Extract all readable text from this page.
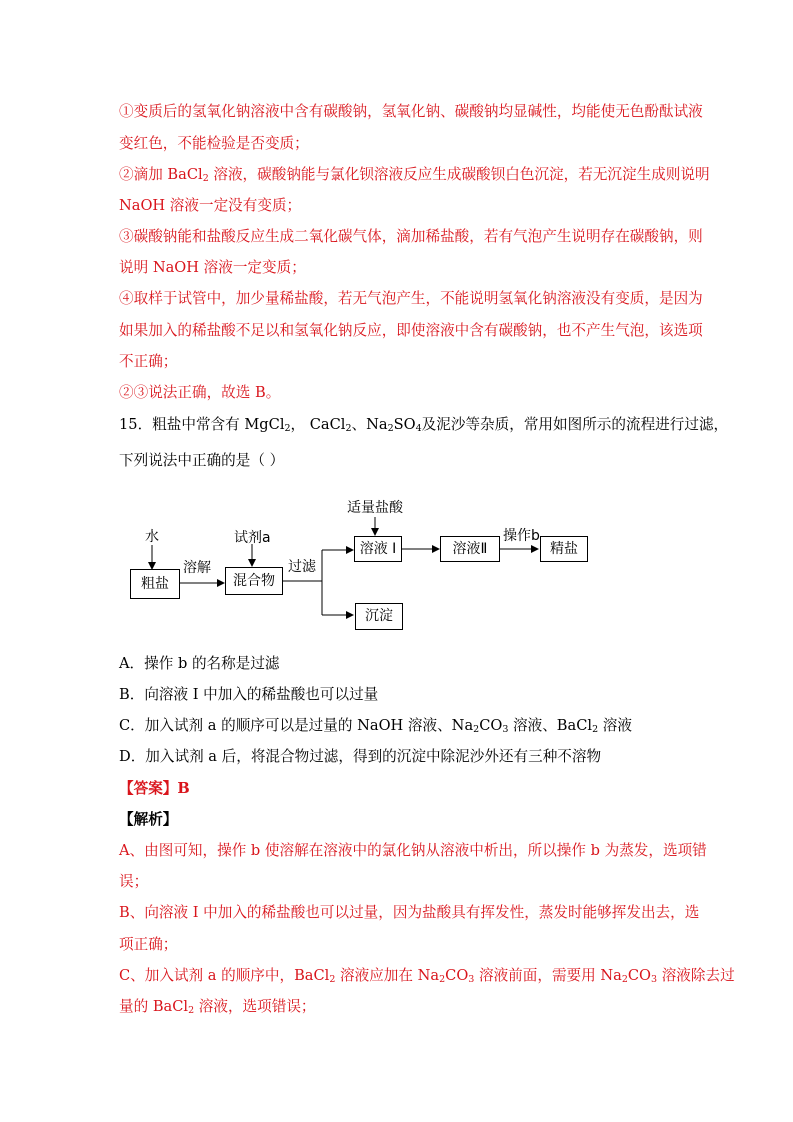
①变质后的氢氧化钠溶液中含有碳酸钠，氢氧化钠、碳酸钠均显碱性，均能使无色酚酞试液
变红色，不能检验是否变质；
②滴加 BaCl$_2$ 溶液，碳酸钠能与氯化钡溶液反应生成碳酸钡白色沉淀，若无沉淀生成则说明
NaOH 溶液一定没有变质；
③碳酸钠能和盐酸反应生成二氧化碳气体，滴加稀盐酸，若有气泡产生说明存在碳酸钠，则
说明 NaOH 溶液一定变质；
④取样于试管中，加少量稀盐酸，若无气泡产生，不能说明氢氧化钠溶液没有变质，是因为
如果加入的稀盐酸不足以和氢氧化钠反应，即使溶液中含有碳酸钠，也不产生气泡，该选项
不正确；
②③说法正确，故选 B。
15．粗盐中常含有 MgCl$_2$， CaCl$_2$、$Na_2SO_4$及泥沙等杂质，常用如图所示的流程进行过滤，
下列说法中正确的是（ ）
水
粗盐
溶解
试剂a
混合物
过滤
适量盐酸
溶液 I	溶液Ⅱ
操作b
精盐
沉淀
A．操作 b 的名称是过滤
B．向溶液 I 中加入的稀盐酸也可以过量
C．加入试剂 a 的顺序可以是过量的 NaOH 溶液、$Na_2CO_3$ 溶液、BaCl$_2$ 溶液
D．加入试剂 a 后，将混合物过滤，得到的沉淀中除泥沙外还有三种不溶物
【答案】B
【解析】
A、由图可知，操作 b 使溶解在溶液中的氯化钠从溶液中析出，所以操作 b 为蒸发，选项错
误；
B、向溶液 I 中加入的稀盐酸也可以过量，因为盐酸具有挥发性，蒸发时能够挥发出去，选
项正确；
C、加入试剂 a 的顺序中，BaCl$_2$ 溶液应加在 $Na_2CO_3$ 溶液前面，需要用 $Na_2CO_3$ 溶液除去过
量的 BaCl$_2$ 溶液，选项错误；
